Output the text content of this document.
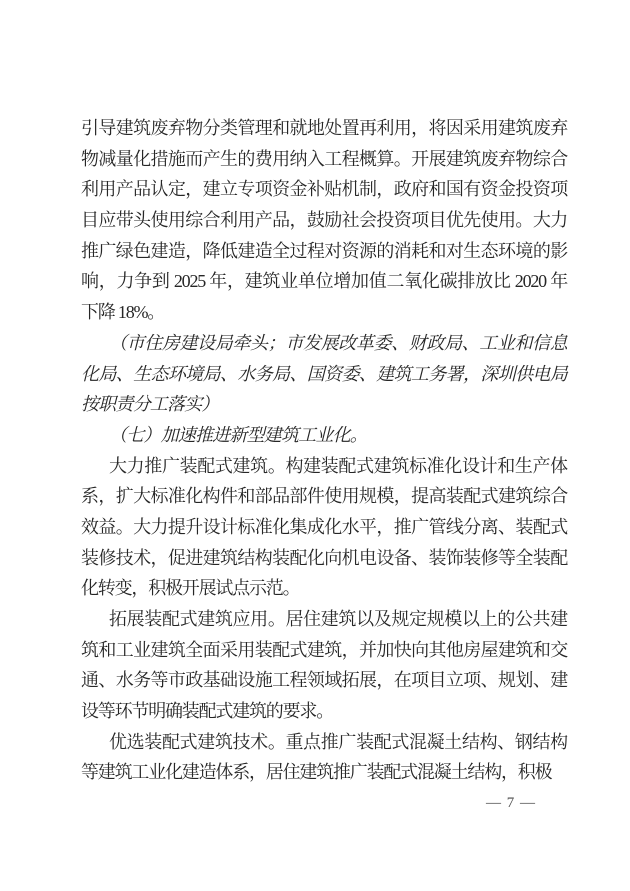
引导建筑废弃物分类管理和就地处置再利用，将因采用建筑废弃
物减量化措施而产生的费用纳入工程概算。开展建筑废弃物综合
利用产品认定，建立专项资金补贴机制，政府和国有资金投资项
目应带头使用综合利用产品，鼓励社会投资项目优先使用。大力
推广绿色建造，降低建造全过程对资源的消耗和对生态环境的影
响，力争到 2025 年，建筑业单位增加值二氧化碳排放比 2020 年
下降 18%。
（市住房建设局牵头；市发展改革委、财政局、工业和信息
化局、生态环境局、水务局、国资委、建筑工务署，深圳供电局
按职责分工落实）
（七）加速推进新型建筑工业化。
大力推广装配式建筑。构建装配式建筑标准化设计和生产体
系，扩大标准化构件和部品部件使用规模，提高装配式建筑综合
效益。大力提升设计标准化集成化水平，推广管线分离、装配式
装修技术，促进建筑结构装配化向机电设备、装饰装修等全装配
化转变，积极开展试点示范。
拓展装配式建筑应用。居住建筑以及规定规模以上的公共建
筑和工业建筑全面采用装配式建筑，并加快向其他房屋建筑和交
通、水务等市政基础设施工程领域拓展，在项目立项、规划、建
设等环节明确装配式建筑的要求。
优选装配式建筑技术。重点推广装配式混凝土结构、钢结构
等建筑工业化建造体系，居住建筑推广装配式混凝土结构，积极
— 7 —
